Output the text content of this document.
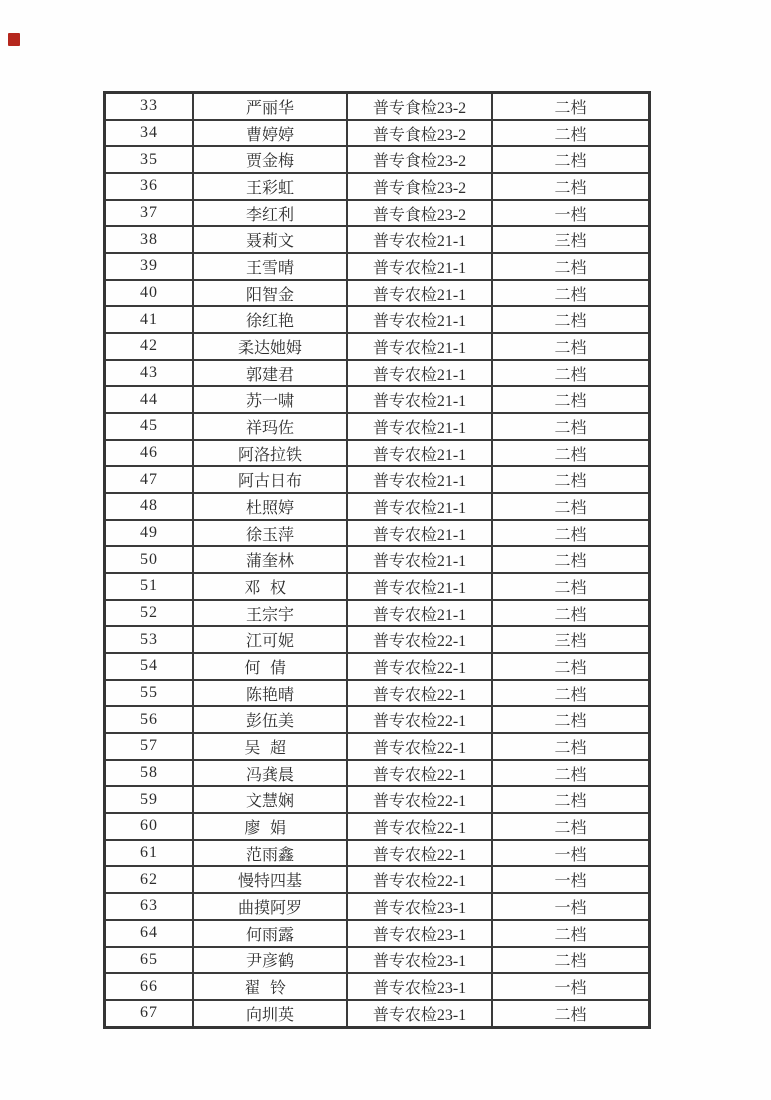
33	严丽华	普专食检23-2	二档
34	曹婷婷	普专食检23-2	二档
35	贾金梅	普专食检23-2	二档
36	王彩虹	普专食检23-2	二档
37	李红利	普专食检23-2	一档
38	聂莉文	普专农检21-1	三档
39	王雪晴	普专农检21-1	二档
40	阳智金	普专农检21-1	二档
41	徐红艳	普专农检21-1	二档
42	柔达她姆	普专农检21-1	二档
43	郭建君	普专农检21-1	二档
44	苏一啸	普专农检21-1	二档
45	祥玛佐	普专农检21-1	二档
46	阿洛拉铁	普专农检21-1	二档
47	阿古日布	普专农检21-1	二档
48	杜照婷	普专农检21-1	二档
49	徐玉萍	普专农检21-1	二档
50	蒲奎林	普专农检21-1	二档
51	邓权	普专农检21-1	二档
52	王宗宇	普专农检21-1	二档
53	江可妮	普专农检22-1	三档
54	何倩	普专农检22-1	二档
55	陈艳晴	普专农检22-1	二档
56	彭伍美	普专农检22-1	二档
57	吴超	普专农检22-1	二档
58	冯龚晨	普专农检22-1	二档
59	文慧娴	普专农检22-1	二档
60	廖娟	普专农检22-1	二档
61	范雨鑫	普专农检22-1	一档
62	慢特四基	普专农检22-1	一档
63	曲摸阿罗	普专农检23-1	一档
64	何雨露	普专农检23-1	二档
65	尹彦鹤	普专农检23-1	二档
66	翟铃	普专农检23-1	一档
67	向圳英	普专农检23-1	二档
